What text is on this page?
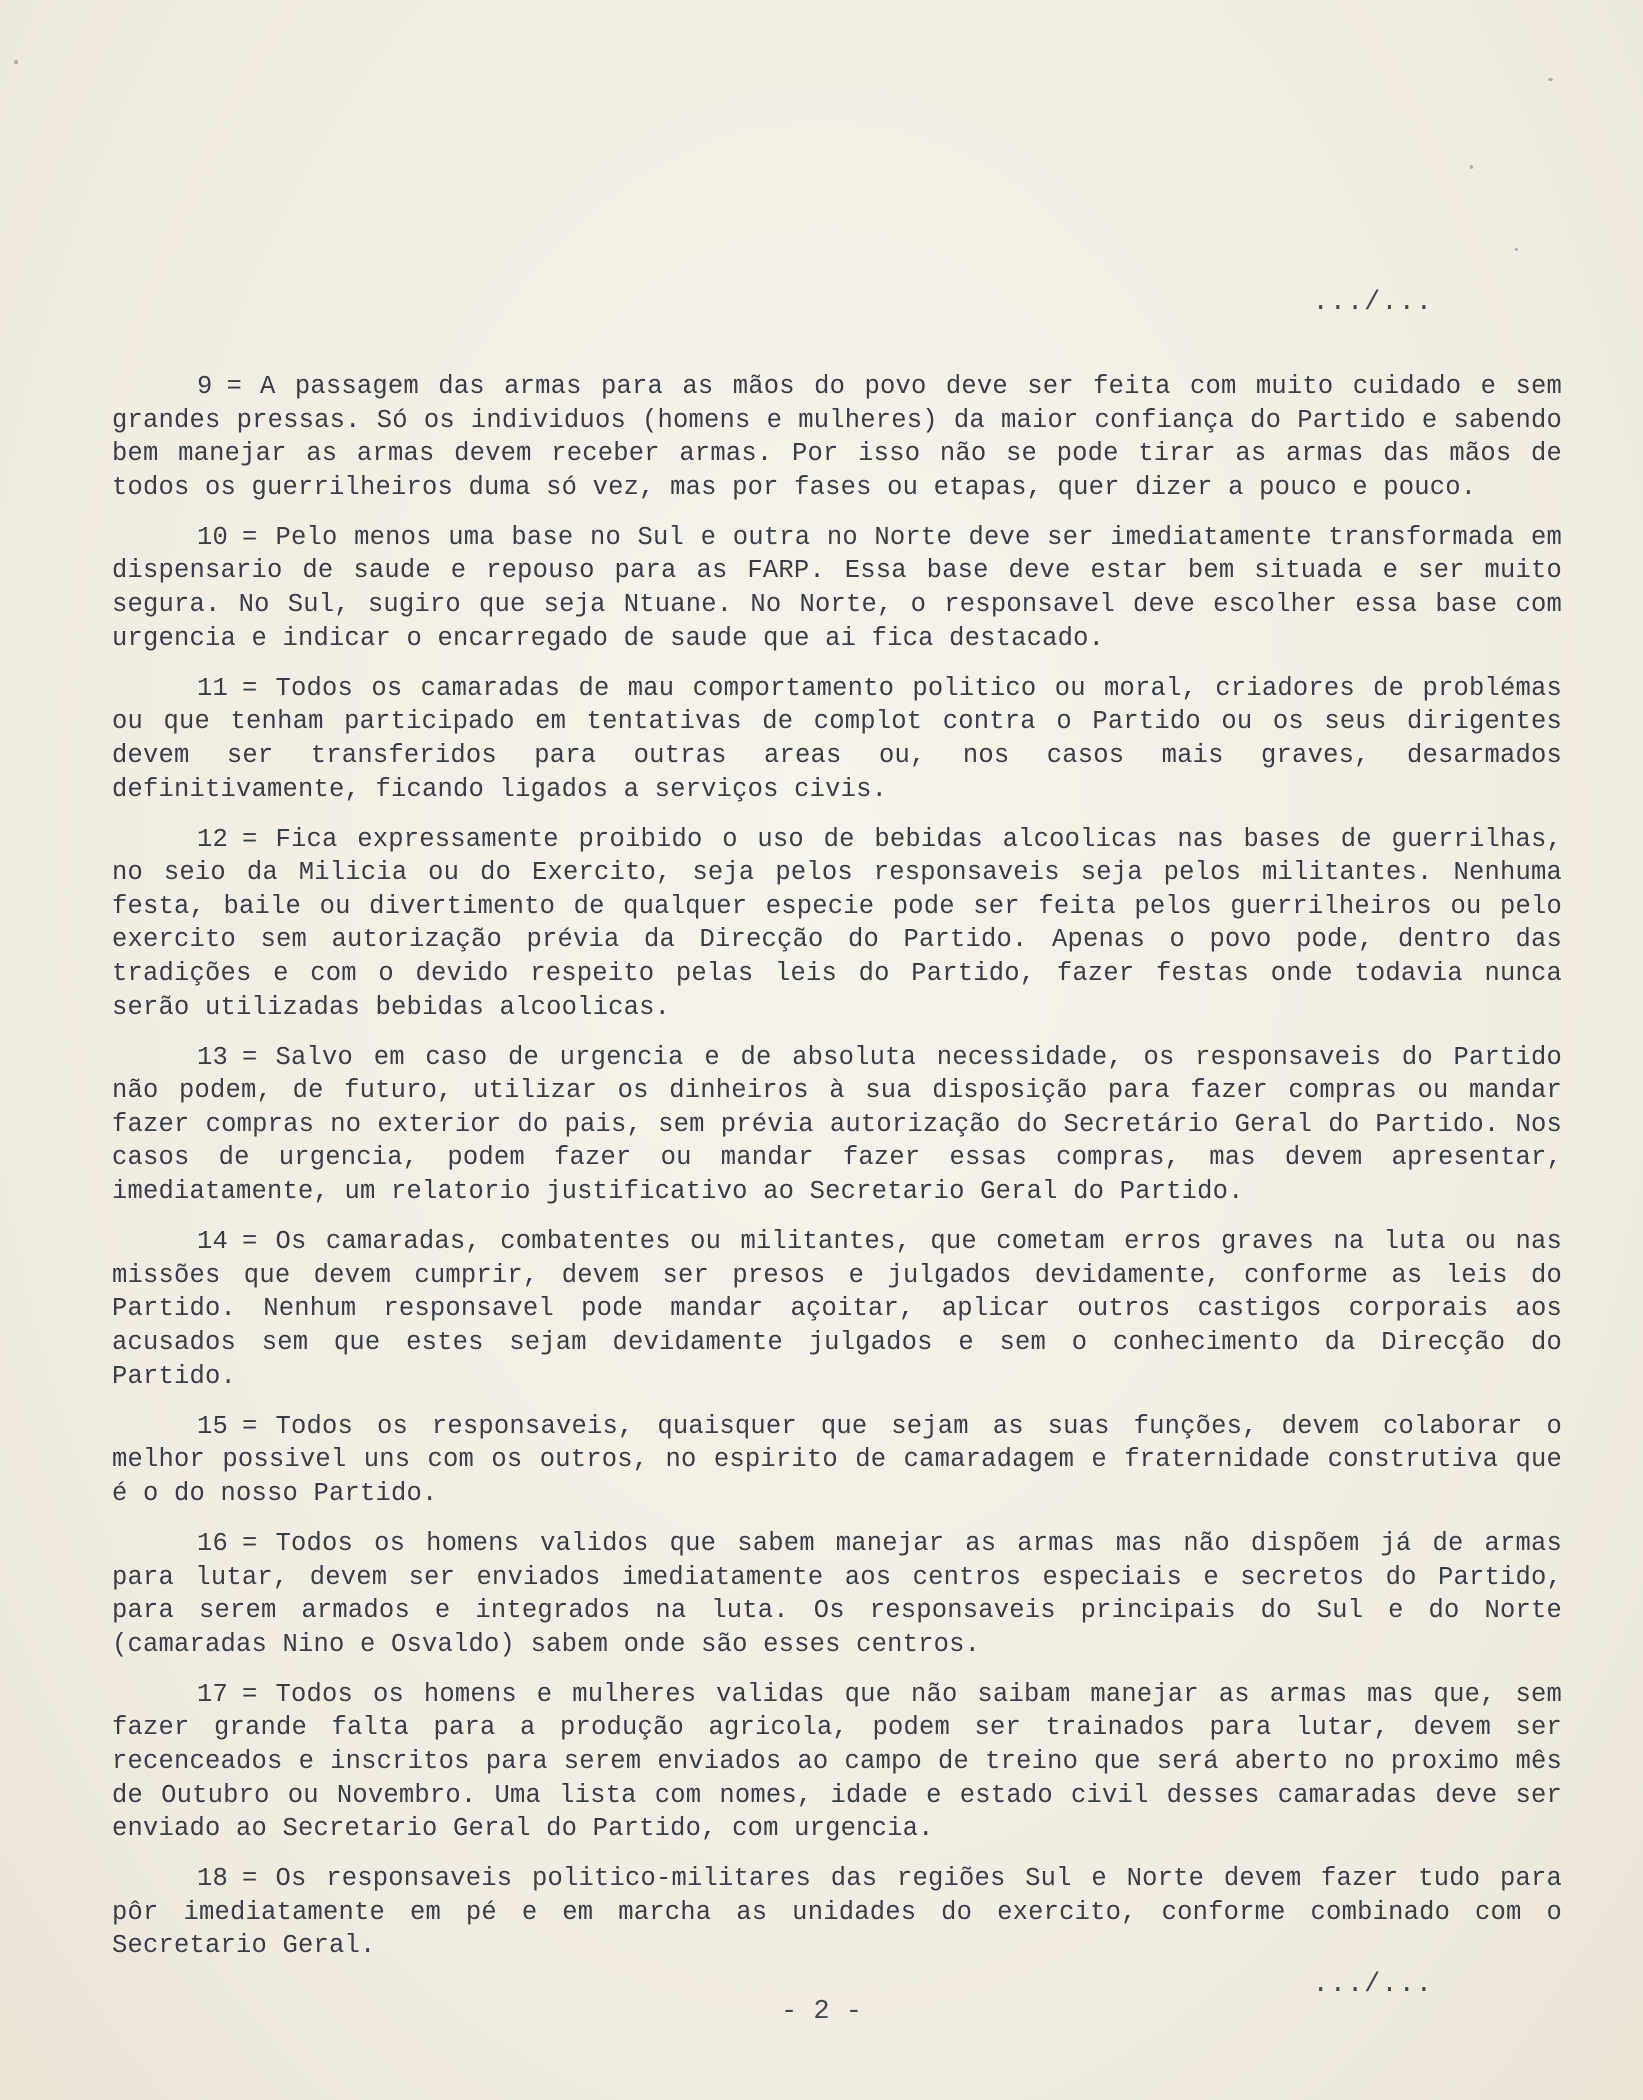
.../...

9 = A passagem das armas para as mãos do povo deve ser feita com muito cuidado e sem grandes pressas. Só os individuos (homens e mulheres) da maior confiança do Partido e sabendo bem manejar as armas devem receber armas. Por isso não se pode tirar as armas das mãos de todos os guerrilheiros duma só vez, mas por fases ou etapas, quer dizer a pouco e pouco.

10 = Pelo menos uma base no Sul e outra no Norte deve ser imediatamente transformada em dispensario de saude e repouso para as FARP. Essa base deve estar bem situada e ser muito segura. No Sul, sugiro que seja Ntuane. No Norte, o responsavel deve escolher essa base com urgencia e indicar o encarregado de saude que ai fica destacado.

11 = Todos os camaradas de mau comportamento politico ou moral, criadores de problémas ou que tenham participado em tentativas de complot contra o Partido ou os seus dirigentes devem ser transferidos para outras areas ou, nos casos mais graves, desarmados definitivamente, ficando ligados a serviços civis.

12 = Fica expressamente proibido o uso de bebidas alcoolicas nas bases de guerrilhas, no seio da Milicia ou do Exercito, seja pelos responsaveis seja pelos militantes. Nenhuma festa, baile ou divertimento de qualquer especie pode ser feita pelos guerrilheiros ou pelo exercito sem autorização prévia da Direcção do Partido. Apenas o povo pode, dentro das tradições e com o devido respeito pelas leis do Partido, fazer festas onde todavia nunca serão utilizadas bebidas alcoolicas.

13 = Salvo em caso de urgencia e de absoluta necessidade, os responsaveis do Partido não podem, de futuro, utilizar os dinheiros à sua disposição para fazer compras ou mandar fazer compras no exterior do pais, sem prévia autorização do Secretário Geral do Partido. Nos casos de urgencia, podem fazer ou mandar fazer essas compras, mas devem apresentar, imediatamente, um relatorio justificativo ao Secretario Geral do Partido.

14 = Os camaradas, combatentes ou militantes, que cometam erros graves na luta ou nas missões que devem cumprir, devem ser presos e julgados devidamente, conforme as leis do Partido. Nenhum responsavel pode mandar açoitar, aplicar outros castigos corporais aos acusados sem que estes sejam devidamente julgados e sem o conhecimento da Direcção do Partido.

15 = Todos os responsaveis, quaisquer que sejam as suas funções, devem colaborar o melhor possivel uns com os outros, no espirito de camaradagem e fraternidade construtiva que é o do nosso Partido.

16 = Todos os homens validos que sabem manejar as armas mas não dispõem já de armas para lutar, devem ser enviados imediatamente aos centros especiais e secretos do Partido, para serem armados e integrados na luta. Os responsaveis principais do Sul e do Norte (camaradas Nino e Osvaldo) sabem onde são esses centros.

17 = Todos os homens e mulheres validas que não saibam manejar as armas mas que, sem fazer grande falta para a produção agricola, podem ser trainados para lutar, devem ser recenceados e inscritos para serem enviados ao campo de treino que será aberto no proximo mês de Outubro ou Novembro. Uma lista com nomes, idade e estado civil desses camaradas deve ser enviado ao Secretario Geral do Partido, com urgencia.

18 = Os responsaveis politico-militares das regiões Sul e Norte devem fazer tudo para pôr imediatamente em pé e em marcha as unidades do exercito, conforme combinado com o Secretario Geral.

.../...
- 2 -
